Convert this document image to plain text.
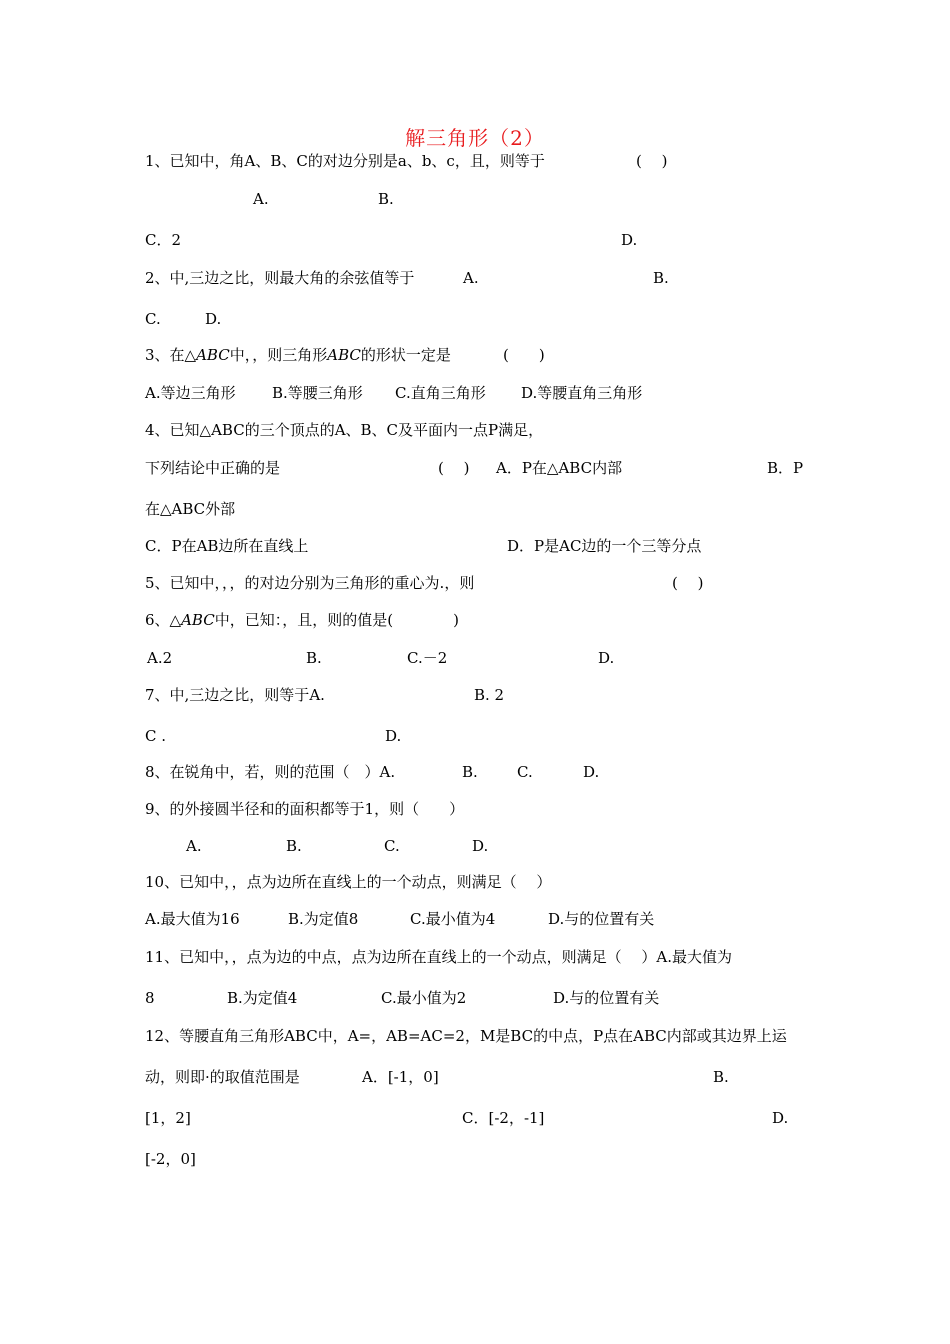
解三角形（2）
1、已知中，角A、B、C的对边分别是a、b、c，且，则等于	(　 )
A.	B.
C．2	D.
2、中,三边之比，则最大角的余弦值等于	A.	B.
C.	D.
3、在△ABC中，，则三角形ABC的形状一定是	(　　)
A.等边三角形 B.等腰三角形 C.直角三角形 D.等腰直角三角形
4、已知△ABC的三个顶点的A、B、C及平面内一点P满足，
下列结论中正确的是	(　 ) A．P在△ABC内部	B．P
在△ABC外部
C．P在AB边所在直线上	D．P是AC边的一个三等分点
5、已知中，，，的对边分别为三角形的重心为.，则	(　 )
6、△ABC中，已知：，且，则的值是(　　　　)
A.2	B.	C.－2	D.
7、中,三边之比，则等于A.	B. 2
C .	D.
8、在锐角中，若，则的范围（　）A.	B.	C.	D.
9、的外接圆半径和的面积都等于1，则（　　）
A.	B.	C.	D.
10、已知中，，点为边所在直线上的一个动点，则满足（　 ）
A.最大值为16	B.为定值8	C.最小值为4	D.与的位置有关
11、已知中，，点为边的中点，点为边所在直线上的一个动点，则满足（　 ）A.最大值为
8	B.为定值4	C.最小值为2	D.与的位置有关
12、等腰直角三角形ABC中，A=，AB=AC=2，M是BC的中点，P点在ABC内部或其边界上运
动，则即·的取值范围是	A．[-1，0]	B.
[1，2]	C．[-2，-1]	D.
[-2，0]
